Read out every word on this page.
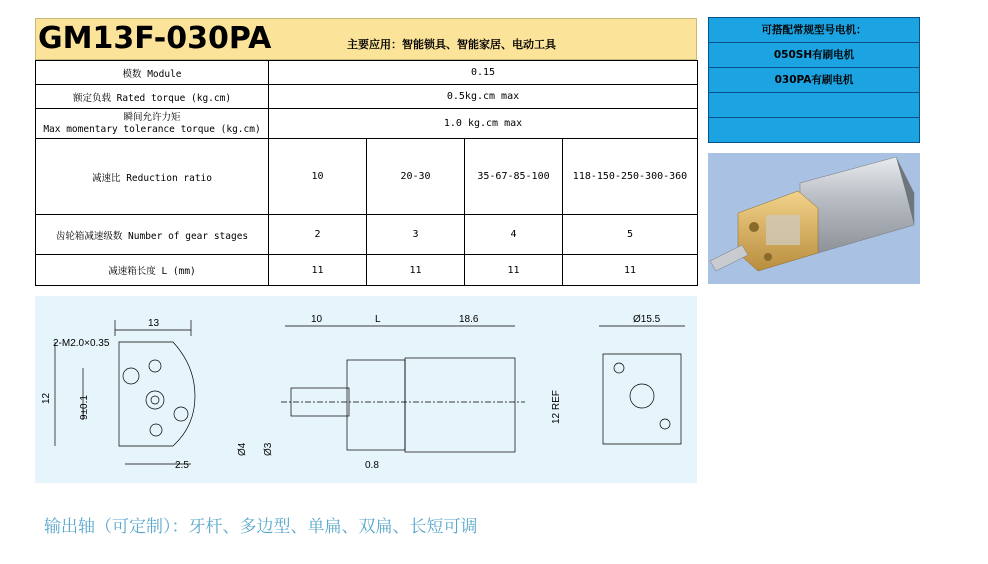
GM13F-030PA	主要应用：智能锁具、智能家居、电动工具
模数 Module	0.15			
额定负载 Rated torque (kg.cm)	0.5kg.cm max			

瞬间允许力矩
Max momentary tolerance torque (kg.cm)	1.0 kg.cm max			
减速比 Reduction ratio	10	20-30	35-67-85-100	118-150-250-300-360
齿轮箱减速级数 Number of gear stages	2	3	4	5
减速箱长度 L (mm)	11	11	11	11
可搭配常规型号电机：
050SH有刷电机
030PA有刷电机
13
12	9±0.1
2-M2.0×0.35
2.5
10	L	18.6
Ø4 Ø3
0.8
12 REF
Ø15.5
输出轴（可定制）：牙杆、多边型、单扁、双扁、长短可调
